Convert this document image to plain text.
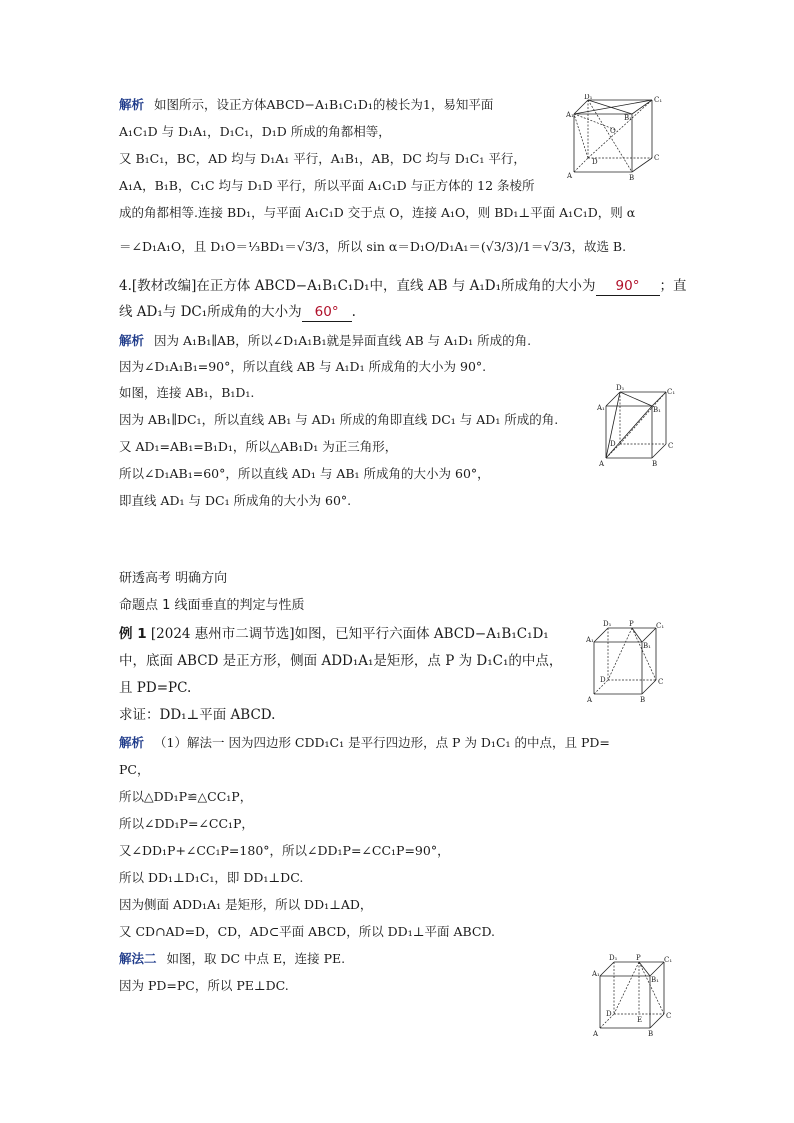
解析 如图所示，设正方体ABCD−A₁B₁C₁D₁的棱长为1，易知平面
A₁C₁D 与 D₁A₁，D₁C₁，D₁D 所成的角都相等，
又 B₁C₁，BC，AD 均与 D₁A₁ 平行，A₁B₁，AB，DC 均与 D₁C₁ 平行，
A₁A，B₁B，C₁C 均与 D₁D 平行，所以平面 A₁C₁D 与正方体的 12 条棱所
成的角都相等.连接 BD₁，与平面 A₁C₁D 交于点 O，连接 A₁O，则 BD₁⊥平面 A₁C₁D，则 α
＝∠D₁A₁O，且 D₁O＝⅓BD₁＝√3/3，所以 sin α＝D₁O/D₁A₁＝(√3/3)/1＝√3/3，故选 B.
D₁	C₁
A₁	B₁
O
D	C
A	B
4.[教材改编]在正方体 ABCD−A₁B₁C₁D₁中，直线 AB 与 A₁D₁所成角的大小为 90° ；直
线 AD₁与 DC₁所成角的大小为 60° .
解析 因为 A₁B₁∥AB，所以∠D₁A₁B₁就是异面直线 AB 与 A₁D₁ 所成的角.
因为∠D₁A₁B₁=90°，所以直线 AB 与 A₁D₁ 所成角的大小为 90°.
如图，连接 AB₁，B₁D₁.
因为 AB₁∥DC₁，所以直线 AB₁ 与 AD₁ 所成的角即直线 DC₁ 与 AD₁ 所成的角.
又 AD₁=AB₁=B₁D₁，所以△AB₁D₁ 为正三角形，
所以∠D₁AB₁=60°，所以直线 AD₁ 与 AB₁ 所成角的大小为 60°，
即直线 AD₁ 与 DC₁ 所成角的大小为 60°.
D₁	C₁
A₁	B₁
D	C
A	B
研透高考 明确方向
命题点 1 线面垂直的判定与性质
例 1 [2024 惠州市二调节选]如图，已知平行六面体 ABCD−A₁B₁C₁D₁
中，底面 ABCD 是正方形，侧面 ADD₁A₁是矩形，点 P 为 D₁C₁的中点，
且 PD=PC.
求证：DD₁⊥平面 ABCD.
D₁	P	C₁
A₁
B₁
D	C
A	B
解析 （1）解法一 因为四边形 CDD₁C₁ 是平行四边形，点 P 为 D₁C₁ 的中点，且 PD=
PC，
所以△DD₁P≌△CC₁P，
所以∠DD₁P=∠CC₁P，
又∠DD₁P+∠CC₁P=180°，所以∠DD₁P=∠CC₁P=90°，
所以 DD₁⊥D₁C₁，即 DD₁⊥DC.
因为侧面 ADD₁A₁ 是矩形，所以 DD₁⊥AD，
又 CD∩AD=D，CD，AD⊂平面 ABCD，所以 DD₁⊥平面 ABCD.
解法二 如图，取 DC 中点 E，连接 PE.
因为 PD=PC，所以 PE⊥DC.
D₁	P	C₁
A₁
B₁
D
E	C
A	B
